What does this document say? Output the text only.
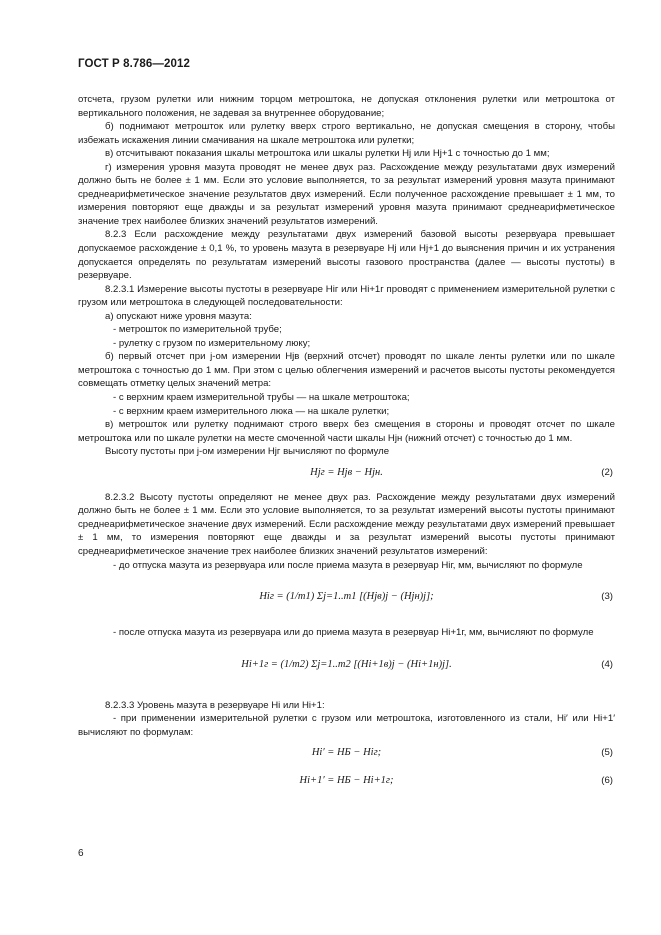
ГОСТ Р 8.786—2012

отсчета, грузом рулетки или нижним торцом метроштока, не допуская отклонения рулетки или метроштока от вертикального положения, не задевая за внутреннее оборудование;

б) поднимают метрошток или рулетку вверх строго вертикально, не допуская смещения в сторону, чтобы избежать искажения линии смачивания на шкале метроштока или рулетки;

в) отсчитывают показания шкалы метроштока или шкалы рулетки Hj или Hj+1 с точностью до 1 мм;

г) измерения уровня мазута проводят не менее двух раз. Расхождение между результатами двух измерений должно быть не более ± 1 мм. Если это условие выполняется, то за результат измерений уровня мазута принимают среднеарифметическое значение результатов двух измерений. Если полученное расхождение превышает ± 1 мм, то измерения повторяют еще дважды и за результат измерений уровня мазута принимают среднеарифметическое значение трех наиболее близких значений результатов измерений.

8.2.3 Если расхождение между результатами двух измерений базовой высоты резервуара превышает допускаемое расхождение ± 0,1 %, то уровень мазута в резервуаре Hj или Hj+1 до выяснения причин и их устранения допускается определять по результатам измерений высоты газового пространства (далее — высоты пустоты) в резервуаре.

8.2.3.1 Измерение высоты пустоты в резервуаре Hiг или Hi+1г проводят с применением измерительной рулетки с грузом или метроштока в следующей последовательности:

а) опускают ниже уровня мазута:

- метрошток по измерительной трубе;

- рулетку с грузом по измерительному люку;

б) первый отсчет при j-ом измерении Hjв (верхний отсчет) проводят по шкале ленты рулетки или по шкале метроштока с точностью до 1 мм. При этом с целью облегчения измерений и расчетов высоты пустоты рекомендуется совмещать отметку целых значений метра:

- с верхним краем измерительной трубы — на шкале метроштока;

- с верхним краем измерительного люка — на шкале рулетки;

в) метрошток или рулетку поднимают строго вверх без смещения в стороны и проводят отсчет по шкале метроштока или по шкале рулетки на месте смоченной части шкалы Hjн (нижний отсчет) с точностью до 1 мм.

Высоту пустоты при j-ом измерении Hjг вычисляют по формуле

Hjг = Hjв − Hjн.	(2)

8.2.3.2 Высоту пустоты определяют не менее двух раз. Расхождение между результатами двух измерений должно быть не более ± 1 мм. Если это условие выполняется, то за результат измерений высоты пустоты принимают среднеарифметическое значение двух измерений. Если расхождение между результатами двух измерений превышает ± 1 мм, то измерения повторяют еще дважды и за результат измерений высоты пустоты принимают среднеарифметическое значение трех наиболее близких значений результатов измерений:

- до отпуска мазута из резервуара или после приема мазута в резервуар Hiг, мм, вычисляют по формуле

Hiг = (1/m1) Σj=1..m1 [(Hjв)j − (Hjн)j];	(3)

- после отпуска мазута из резервуара или до приема мазута в резервуар Hi+1г, мм, вычисляют по формуле

Hi+1г = (1/m2) Σj=1..m2 [(Hi+1в)j − (Hi+1н)j].	(4)

8.2.3.3 Уровень мазута в резервуаре Hi или Hi+1:

- при применении измерительной рулетки с грузом или метроштока, изготовленного из стали, Hi′ или Hi+1′ вычисляют по формулам:

Hi′ = HБ − Hiг;	(5)
Hi+1′ = HБ − Hi+1г;	(6)
6
